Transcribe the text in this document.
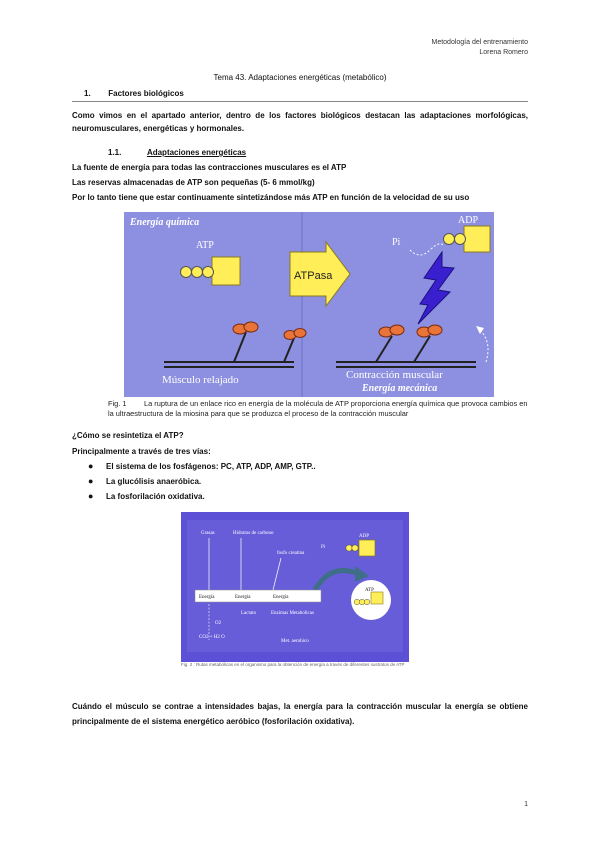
Metodología del entrenamiento
Lorena Romero
Tema 43. Adaptaciones energéticas (metabólico)
1. Factores biológicos
Como vimos en el apartado anterior, dentro de los factores biológicos destacan las adaptaciones morfológicas, neuromusculares, energéticas y hormonales.
1.1.	Adaptaciones energéticas
La fuente de energía para todas las contracciones musculares es el ATP
Las reservas almacenadas de ATP son pequeñas (5- 6 mmol/kg)
Por lo tanto tiene que estar continuamente sintetizándose más ATP en función de la velocidad de su uso
Energía química
ATP
ATPasa
Músculo relajado
ADP
Pi
Contracción muscular
Energía mecánica
Fig. 1 La ruptura de un enlace rico en energía de la molécula de ATP proporciona energía química que provoca cambios en la ultraestructura de la miosina para que se produzca el proceso de la contracción muscular
¿Cómo se resintetiza el ATP?
Principalmente a través de tres vías:
● El sistema de los fosfágenos: PC, ATP, ADP, AMP, GTP..
● La glucólisis anaeróbica.
● La fosforilación oxidativa.
Grasas	Hidratos de carbono
fosfo creatina
Pi
ADP
Energía	Energía	Energía
ATP
Lactato	Enzimas Metabolicas
O2
CO2 + H2 O
Met. aerobico
Fig. 2 : Rutas metabólicas en el organismo para la obtención de energía a través de diferentes sustratos de ATP
Cuándo el músculo se contrae a intensidades bajas, la energía para la contracción muscular la energía se obtiene principalmente de el sistema energético aeróbico (fosforilación oxidativa).
1
